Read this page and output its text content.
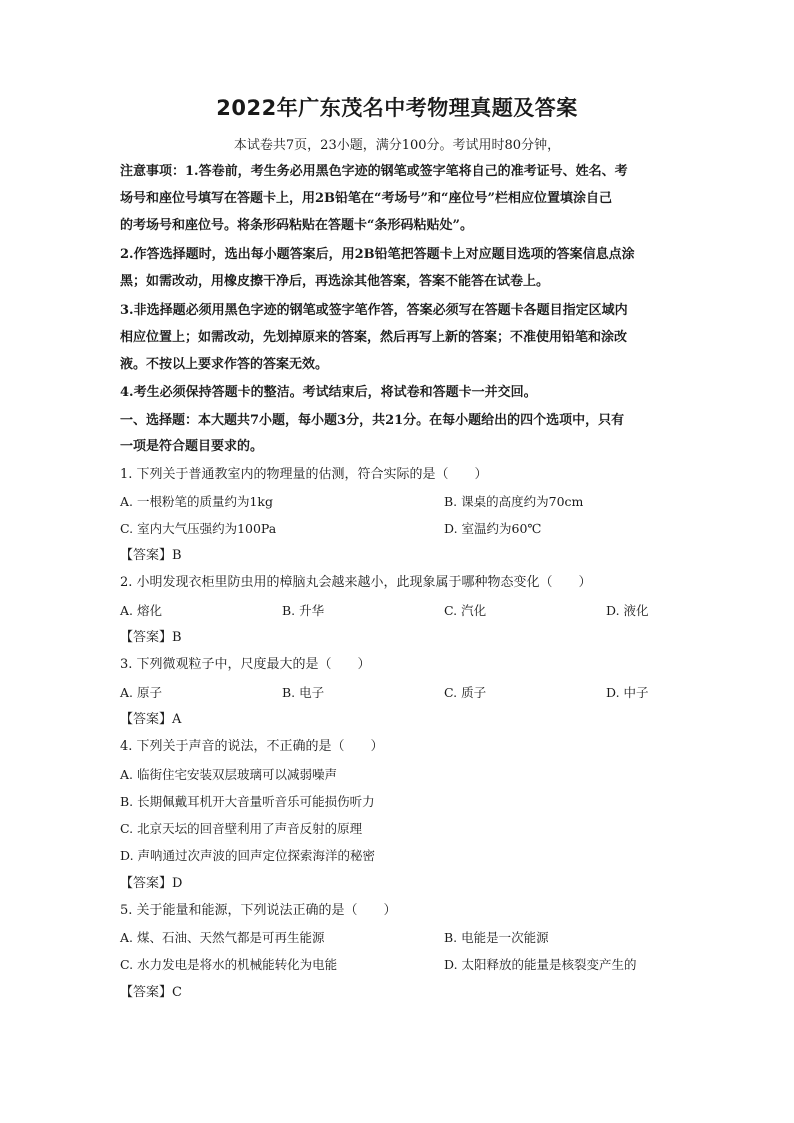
2022年广东茂名中考物理真题及答案
本试卷共7页，23小题，满分100分。考试用时80分钟，
注意事项：1.答卷前，考生务必用黑色字迹的钢笔或签字笔将自己的准考证号、姓名、考
场号和座位号填写在答题卡上，用2B铅笔在“考场号”和“座位号”栏相应位置填涂自己
的考场号和座位号。将条形码粘贴在答题卡“条形码粘贴处”。
2.作答选择题时，选出每小题答案后，用2B铅笔把答题卡上对应题目选项的答案信息点涂
黑；如需改动，用橡皮擦干净后，再选涂其他答案，答案不能答在试卷上。
3.非选择题必须用黑色字迹的钢笔或签字笔作答，答案必须写在答题卡各题目指定区域内
相应位置上；如需改动，先划掉原来的答案，然后再写上新的答案；不准使用铅笔和涂改
液。不按以上要求作答的答案无效。
4.考生必须保持答题卡的整洁。考试结束后，将试卷和答题卡一并交回。
一、选择题：本大题共7小题，每小题3分，共21分。在每小题给出的四个选项中，只有
一项是符合题目要求的。
1. 下列关于普通教室内的物理量的估测，符合实际的是（　　）
A. 一根粉笔的质量约为1kg	B. 课桌的高度约为70cm
C. 室内大气压强约为100Pa	D. 室温约为60℃
【答案】B
2. 小明发现衣柜里防虫用的樟脑丸会越来越小，此现象属于哪种物态变化（　　）
A. 熔化	B. 升华	C. 汽化	D. 液化
【答案】B
3. 下列微观粒子中，尺度最大的是（　　）
A. 原子	B. 电子	C. 质子	D. 中子
【答案】A
4. 下列关于声音的说法，不正确的是（　　）
A. 临街住宅安装双层玻璃可以减弱噪声
B. 长期佩戴耳机开大音量听音乐可能损伤听力
C. 北京天坛的回音壁利用了声音反射的原理
D. 声呐通过次声波的回声定位探索海洋的秘密
【答案】D
5. 关于能量和能源，下列说法正确的是（　　）
A. 煤、石油、天然气都是可再生能源	B. 电能是一次能源
C. 水力发电是将水的机械能转化为电能	D. 太阳释放的能量是核裂变产生的
【答案】C
